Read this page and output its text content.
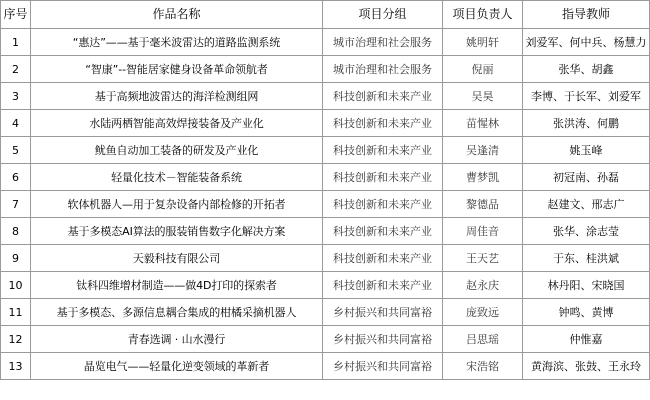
序号	作品名称	项目分组	项目负责人	指导教师
1	“惠达”——基于毫米波雷达的道路监测系统	城市治理和社会服务	姚明轩	刘爱军、何中兵、杨慧力
2	“智康”--智能居家健身设备革命领航者	城市治理和社会服务	倪丽	张华、胡鑫
3	基于高频地波雷达的海洋检测组网	科技创新和未来产业	吴昊	李博、于长军、刘爱军
4	水陆两栖智能高效焊接装备及产业化	科技创新和未来产业	苗惺林	张洪涛、何鹏
5	鱿鱼自动加工装备的研发及产业化	科技创新和未来产业	吴逢清	姚玉峰
6	轻量化技术－智能装备系统	科技创新和未来产业	曹梦凯	初冠南、孙磊
7	软体机器人—用于复杂设备内部检修的开拓者	科技创新和未来产业	黎德品	赵建文、邢志广
8	基于多模态AI算法的服装销售数字化解决方案	科技创新和未来产业	周佳音	张华、涂志莹
9	天毅科技有限公司	科技创新和未来产业	王天艺	于东、桂洪斌
10	钛科四维增材制造——做4D打印的探索者	科技创新和未来产业	赵永庆	林丹阳、宋晓国
11	基于多模态、多源信息耦合集成的柑橘采摘机器人	乡村振兴和共同富裕	庞致远	钟鸣、黄博
12	青春选调 · 山水漫行	乡村振兴和共同富裕	吕思瑶	仲惟嘉
13	晶览电气——轻量化逆变领域的革新者	乡村振兴和共同富裕	宋浩铭	黄海滨、张鼓、王永玲
